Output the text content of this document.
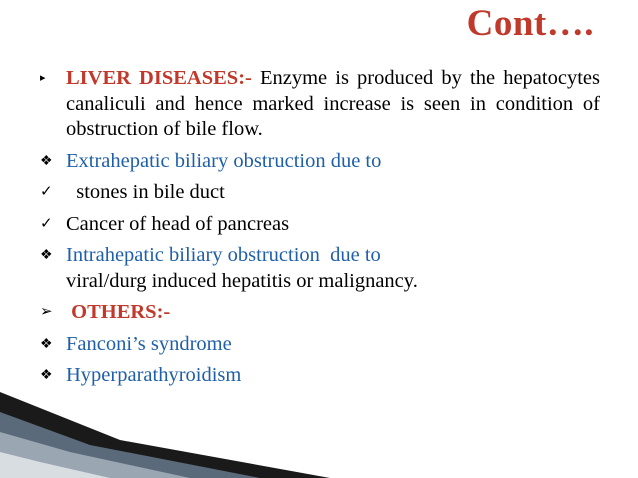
Cont….
▸ LIVER DISEASES:- Enzyme is produced by the hepatocytes canaliculi and hence marked increase is seen in condition of obstruction of bile flow.
❖ Extrahepatic biliary obstruction due to
✓ stones in bile duct
✓ Cancer of head of pancreas
❖ Intrahepatic biliary obstruction  due to
viral/durg induced hepatitis or malignancy.
➢ OTHERS:-
❖ Fanconi’s syndrome
❖ Hyperparathyroidism
